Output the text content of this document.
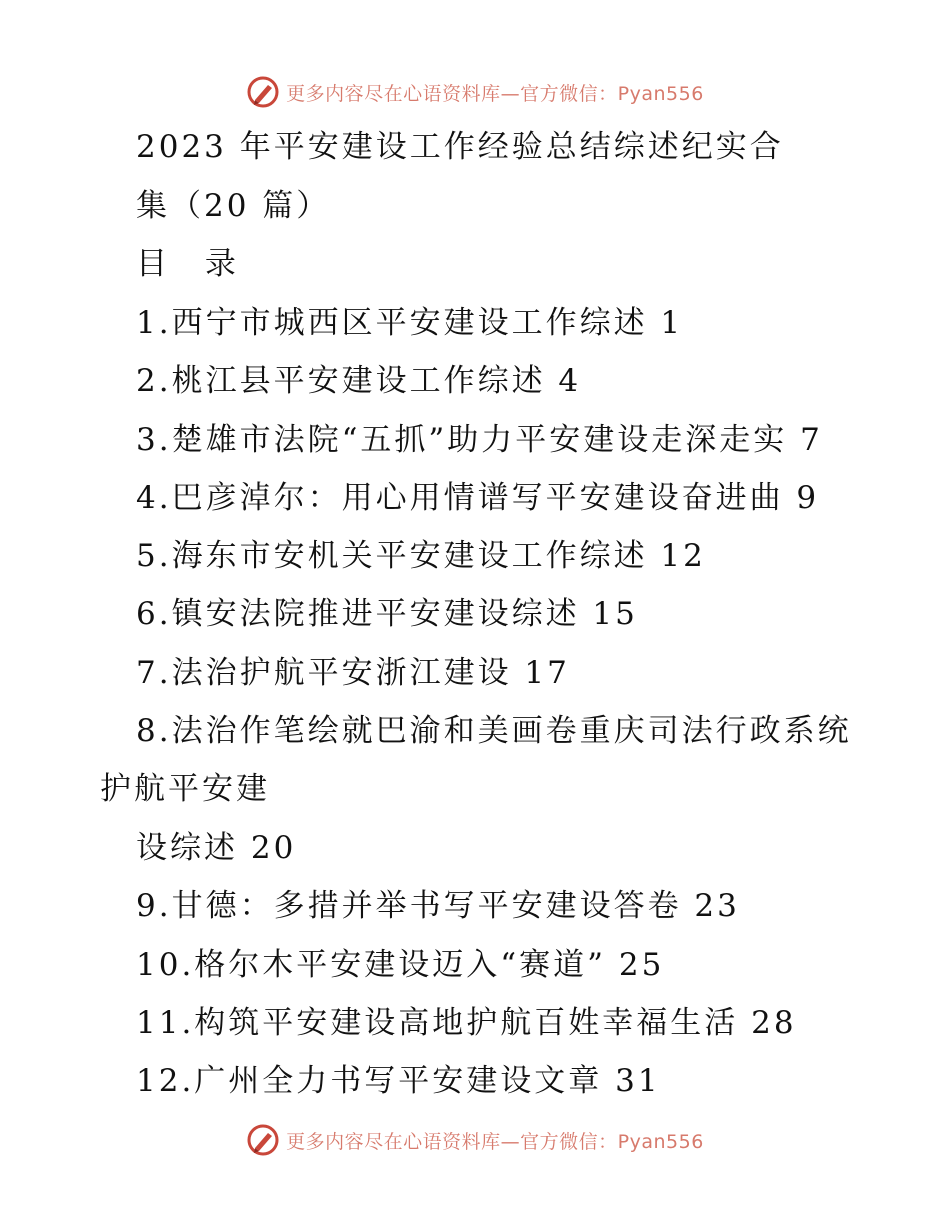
更多内容尽在心语资料库—官方微信：Pyan556
2023 年平安建设工作经验总结综述纪实合
集（20 篇）
目 录
1.西宁市城西区平安建设工作综述 1
2.桃江县平安建设工作综述 4
3.楚雄市法院“五抓”助力平安建设走深走实 7
4.巴彦淖尔：用心用情谱写平安建设奋进曲 9
5.海东市安机关平安建设工作综述 12
6.镇安法院推进平安建设综述 15
7.法治护航平安浙江建设 17
8.法治作笔绘就巴渝和美画卷重庆司法行政系统
护航平安建
设综述 20
9.甘德：多措并举书写平安建设答卷 23
10.格尔木平安建设迈入“赛道” 25
11.构筑平安建设高地护航百姓幸福生活 28
12.广州全力书写平安建设文章 31
更多内容尽在心语资料库—官方微信：Pyan556
